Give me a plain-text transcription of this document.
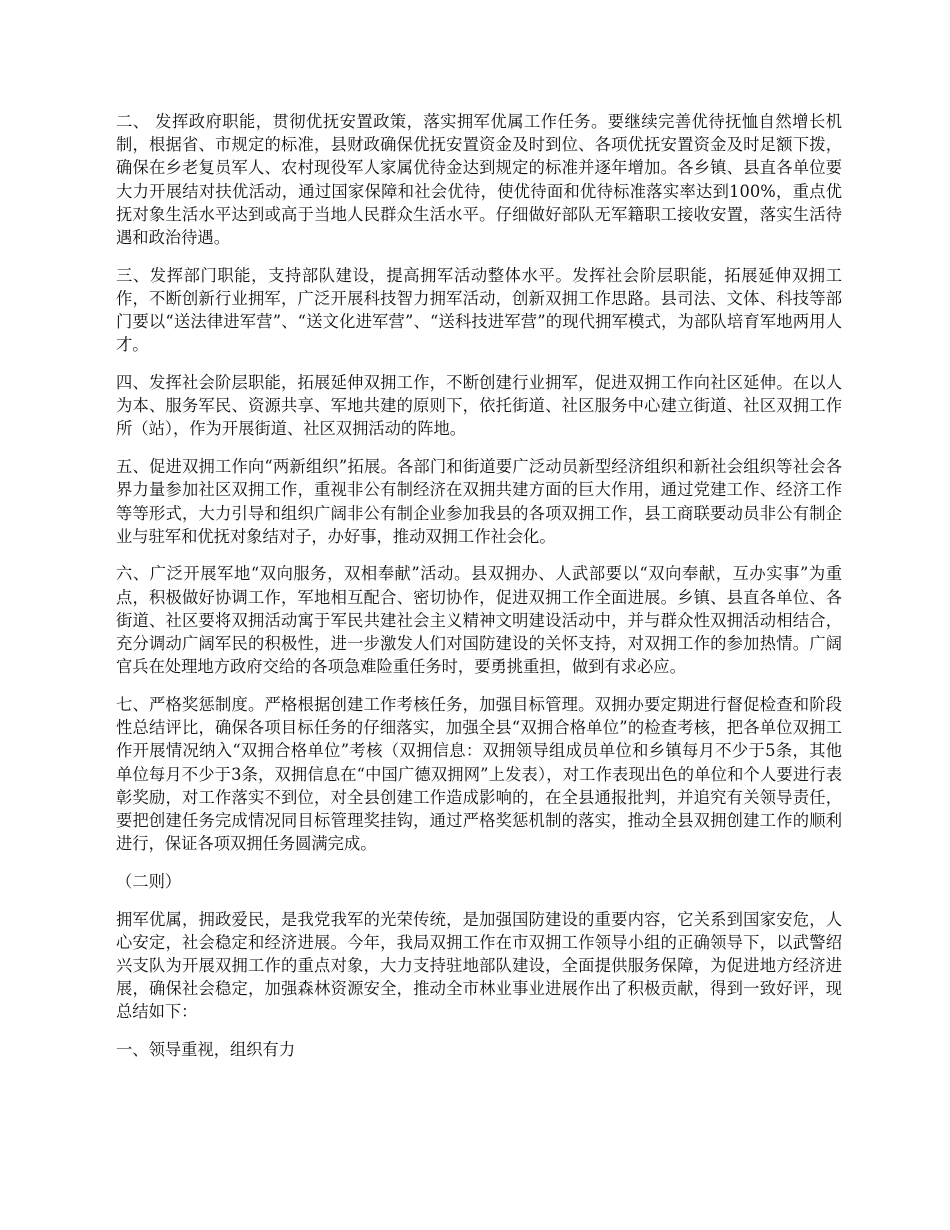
二、 发挥政府职能，贯彻优抚安置政策，落实拥军优属工作任务。要继续完善优待抚恤自然增长机制，根据省、市规定的标准，县财政确保优抚安置资金及时到位、各项优抚安置资金及时足额下拨，确保在乡老复员军人、农村现役军人家属优待金达到规定的标准并逐年增加。各乡镇、县直各单位要大力开展结对扶优活动，通过国家保障和社会优待，使优待面和优待标准落实率达到100%，重点优抚对象生活水平达到或高于当地人民群众生活水平。仔细做好部队无军籍职工接收安置，落实生活待遇和政治待遇。

三、发挥部门职能，支持部队建设，提高拥军活动整体水平。发挥社会阶层职能，拓展延伸双拥工作，不断创新行业拥军，广泛开展科技智力拥军活动，创新双拥工作思路。县司法、文体、科技等部门要以“送法律进军营”、“送文化进军营”、“送科技进军营”的现代拥军模式，为部队培育军地两用人才。

四、发挥社会阶层职能，拓展延伸双拥工作，不断创建行业拥军，促进双拥工作向社区延伸。在以人为本、服务军民、资源共享、军地共建的原则下，依托街道、社区服务中心建立街道、社区双拥工作所（站），作为开展街道、社区双拥活动的阵地。

五、促进双拥工作向“两新组织”拓展。各部门和街道要广泛动员新型经济组织和新社会组织等社会各界力量参加社区双拥工作，重视非公有制经济在双拥共建方面的巨大作用，通过党建工作、经济工作等等形式，大力引导和组织广阔非公有制企业参加我县的各项双拥工作，县工商联要动员非公有制企业与驻军和优抚对象结对子，办好事，推动双拥工作社会化。

六、广泛开展军地“双向服务，双相奉献”活动。县双拥办、人武部要以“双向奉献，互办实事”为重点，积极做好协调工作，军地相互配合、密切协作，促进双拥工作全面进展。乡镇、县直各单位、各街道、社区要将双拥活动寓于军民共建社会主义精神文明建设活动中，并与群众性双拥活动相结合，充分调动广阔军民的积极性，进一步激发人们对国防建设的关怀支持，对双拥工作的参加热情。广阔官兵在处理地方政府交给的各项急难险重任务时，要勇挑重担，做到有求必应。

七、严格奖惩制度。严格根据创建工作考核任务，加强目标管理。双拥办要定期进行督促检查和阶段性总结评比，确保各项目标任务的仔细落实，加强全县“双拥合格单位”的检查考核，把各单位双拥工作开展情况纳入“双拥合格单位”考核（双拥信息：双拥领导组成员单位和乡镇每月不少于5条，其他单位每月不少于3条，双拥信息在“中国广德双拥网”上发表），对工作表现出色的单位和个人要进行表彰奖励，对工作落实不到位，对全县创建工作造成影响的，在全县通报批判，并追究有关领导责任，要把创建任务完成情况同目标管理奖挂钩，通过严格奖惩机制的落实，推动全县双拥创建工作的顺利进行，保证各项双拥任务圆满完成。

（二则）

拥军优属，拥政爱民，是我党我军的光荣传统，是加强国防建设的重要内容，它关系到国家安危，人心安定，社会稳定和经济进展。今年，我局双拥工作在市双拥工作领导小组的正确领导下，以武警绍兴支队为开展双拥工作的重点对象，大力支持驻地部队建设，全面提供服务保障，为促进地方经济进展，确保社会稳定，加强森林资源安全，推动全市林业事业进展作出了积极贡献，得到一致好评，现总结如下：

一、领导重视，组织有力
